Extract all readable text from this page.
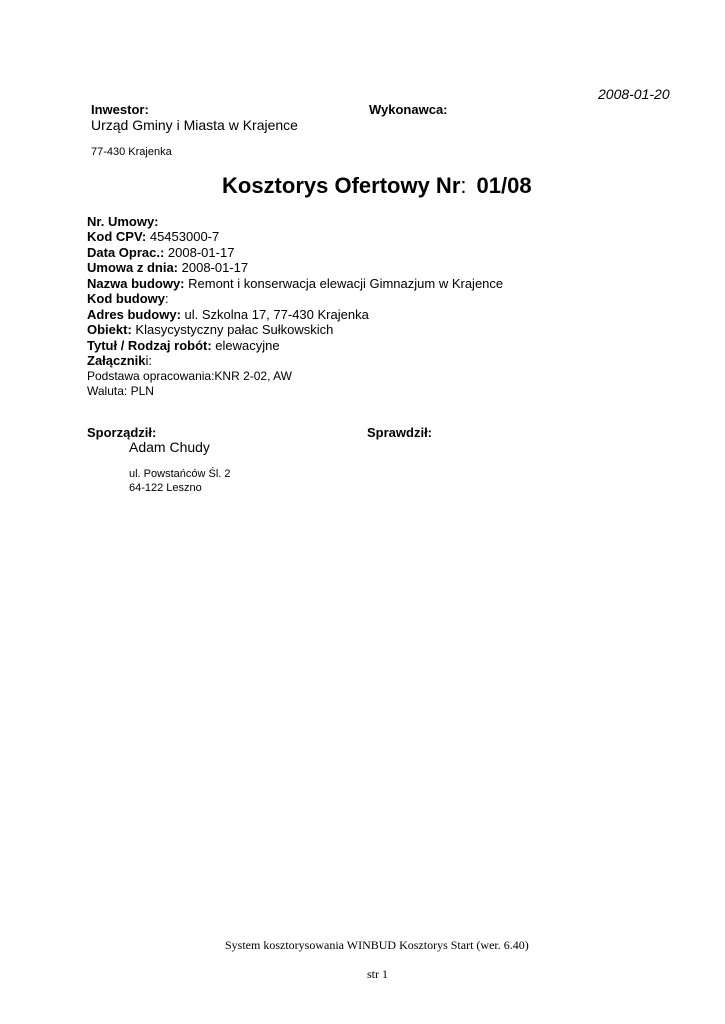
2008-01-20
Inwestor:
Urząd Gminy i Miasta w Krajence
77-430 Krajenka
Wykonawca:
Kosztorys Ofertowy Nr: 01/08
Nr. Umowy:
Kod CPV: 45453000-7
Data Oprac.: 2008-01-17
Umowa z dnia: 2008-01-17
Nazwa budowy: Remont i konserwacja elewacji Gimnazjum w Krajence
Kod budowy:
Adres budowy: ul. Szkolna 17, 77-430 Krajenka
Obiekt: Klasycystyczny pałac Sułkowskich
Tytuł / Rodzaj robót: elewacyjne
Załączniki:
Podstawa opracowania:KNR 2-02, AW
Waluta: PLN
Sporządził:
Adam Chudy
ul. Powstańców Śl. 2
64-122 Leszno
Sprawdził:
System kosztorysowania WINBUD Kosztorys Start (wer. 6.40)
str 1
